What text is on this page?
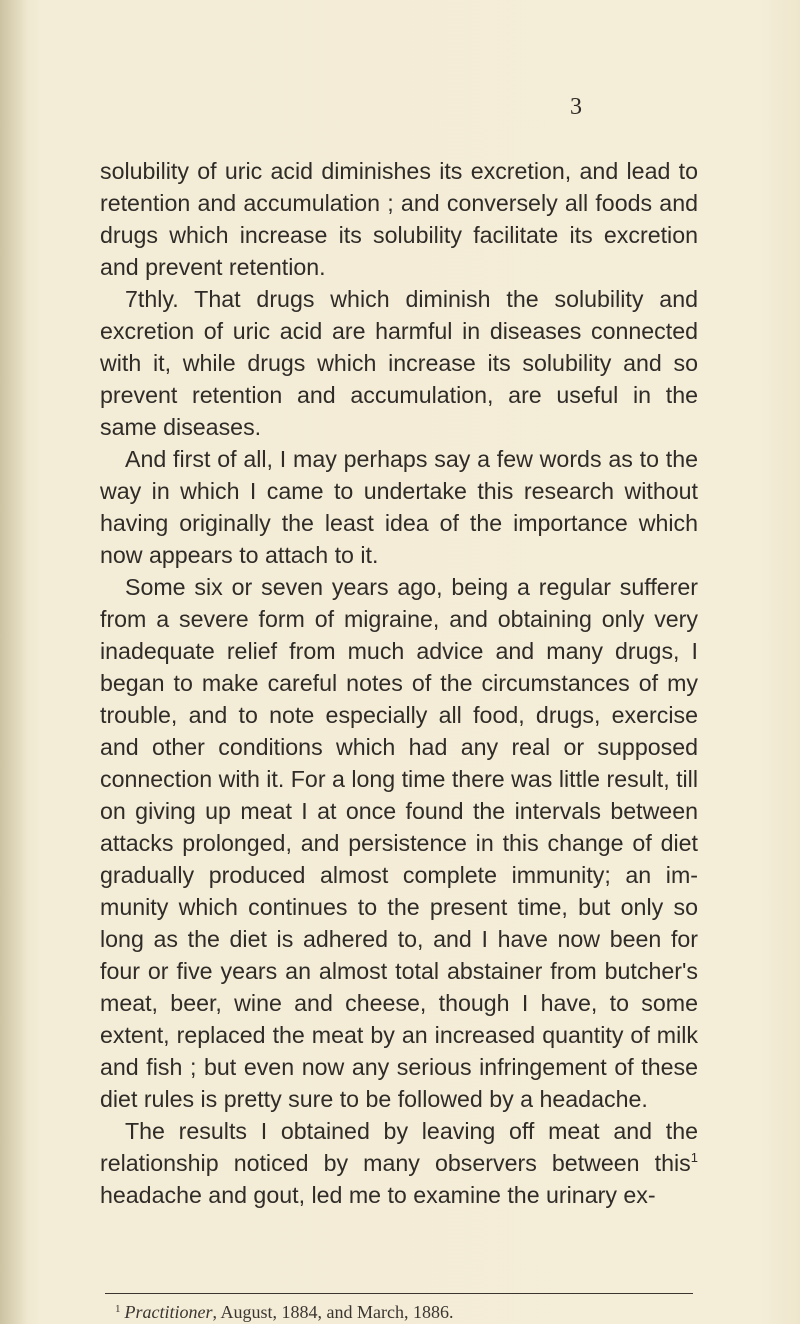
3

solubility of uric acid diminishes its excretion, and lead to retention and accumulation ; and conversely all foods and drugs which increase its solubility facilitate its excretion and prevent retention.

7thly. That drugs which diminish the solubility and excretion of uric acid are harmful in diseases connected with it, while drugs which increase its solubility and so prevent retention and accumulation, are useful in the same diseases.

And first of all, I may perhaps say a few words as to the way in which I came to undertake this research without having originally the least idea of the importance which now appears to attach to it.

Some six or seven years ago, being a regular sufferer from a severe form of migraine, and obtaining only very inadequate relief from much advice and many drugs, I began to make careful notes of the circumstances of my trouble, and to note especially all food, drugs, exercise and other conditions which had any real or supposed connection with it. For a long time there was little result, till on giving up meat I at once found the intervals between attacks prolonged, and persistence in this change of diet gradually produced almost complete immunity; an im- munity which continues to the present time, but only so long as the diet is adhered to, and I have now been for four or five years an almost total abstainer from butcher's meat, beer, wine and cheese, though I have, to some extent, replaced the meat by an increased quantity of milk and fish ; but even now any serious infringement of these diet rules is pretty sure to be followed by a headache.

The results I obtained by leaving off meat and the relationship noticed by many observers between this$^1$ headache and gout, led me to examine the urinary ex-

$^1$ Practitioner, August, 1884, and March, 1886.
